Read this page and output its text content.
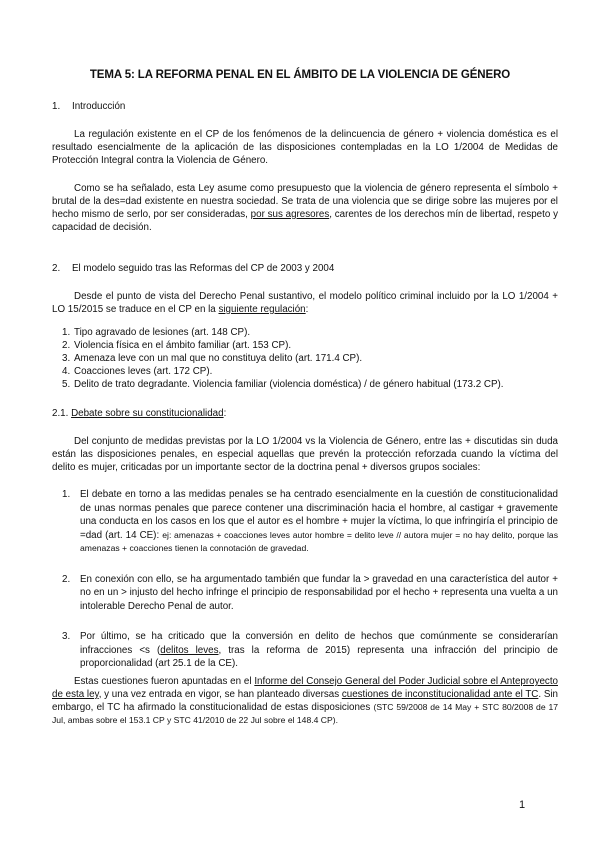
TEMA 5: LA REFORMA PENAL EN EL ÁMBITO DE LA VIOLENCIA DE GÉNERO
1. Introducción
La regulación existente en el CP de los fenómenos de la delincuencia de género + violencia doméstica es el resultado esencialmente de la aplicación de las disposiciones contempladas en la LO 1/2004 de Medidas de Protección Integral contra la Violencia de Género.
Como se ha señalado, esta Ley asume como presupuesto que la violencia de género representa el símbolo + brutal de la des=dad existente en nuestra sociedad. Se trata de una violencia que se dirige sobre las mujeres por el hecho mismo de serlo, por ser consideradas, por sus agresores, carentes de los derechos mín de libertad, respeto y capacidad de decisión.
2. El modelo seguido tras las Reformas del CP de 2003 y 2004
Desde el punto de vista del Derecho Penal sustantivo, el modelo político criminal incluido por la LO 1/2004 + LO 15/2015 se traduce en el CP en la siguiente regulación:
1. Tipo agravado de lesiones (art. 148 CP).
2. Violencia física en el ámbito familiar (art. 153 CP).
3. Amenaza leve con un mal que no constituya delito (art. 171.4 CP).
4. Coacciones leves (art. 172 CP).
5. Delito de trato degradante. Violencia familiar (violencia doméstica) / de género habitual (173.2 CP).
2.1. Debate sobre su constitucionalidad:
Del conjunto de medidas previstas por la LO 1/2004 vs la Violencia de Género, entre las + discutidas sin duda están las disposiciones penales, en especial aquellas que prevén la protección reforzada cuando la víctima del delito es mujer, criticadas por un importante sector de la doctrina penal + diversos grupos sociales:
1. El debate en torno a las medidas penales se ha centrado esencialmente en la cuestión de constitucionalidad de unas normas penales que parece contener una discriminación hacia el hombre, al castigar + gravemente una conducta en los casos en los que el autor es el hombre + mujer la víctima, lo que infringiría el principio de =dad (art. 14 CE): ej: amenazas + coacciones leves autor hombre = delito leve // autora mujer = no hay delito, porque las amenazas + coacciones tienen la connotación de gravedad.
2. En conexión con ello, se ha argumentado también que fundar la > gravedad en una característica del autor + no en un > injusto del hecho infringe el principio de responsabilidad por el hecho + representa una vuelta a un intolerable Derecho Penal de autor.
3. Por último, se ha criticado que la conversión en delito de hechos que comúnmente se considerarían infracciones <s (delitos leves, tras la reforma de 2015) representa una infracción del principio de proporcionalidad (art 25.1 de la CE).
Estas cuestiones fueron apuntadas en el Informe del Consejo General del Poder Judicial sobre el Anteproyecto de esta ley, y una vez entrada en vigor, se han planteado diversas cuestiones de inconstitucionalidad ante el TC. Sin embargo, el TC ha afirmado la constitucionalidad de estas disposiciones (STC 59/2008 de 14 May + STC 80/2008 de 17 Jul, ambas sobre el 153.1 CP y STC 41/2010 de 22 Jul sobre el 148.4 CP).
1
